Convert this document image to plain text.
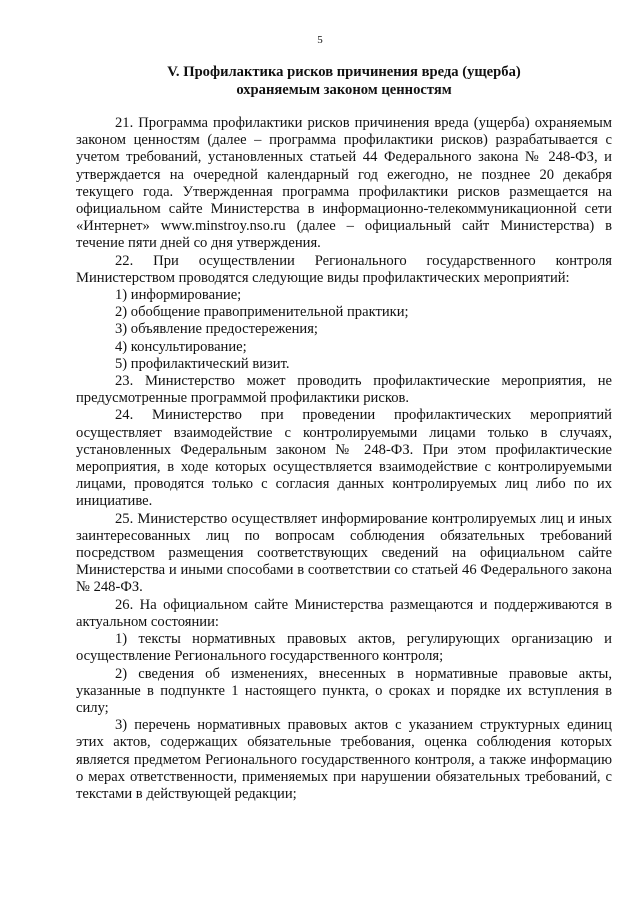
5
V. Профилактика рисков причинения вреда (ущерба)
охраняемым законом ценностям

21. Программа профилактики рисков причинения вреда (ущерба) охраняемым законом ценностям (далее – программа профилактики рисков) разрабатывается с учетом требований, установленных статьей 44 Федерального закона № 248-ФЗ, и утверждается на очередной календарный год ежегодно, не позднее 20 декабря текущего года. Утвержденная программа профилактики рисков размещается на официальном сайте Министерства в информационно-телекоммуникационной сети «Интернет» www.minstroy.nso.ru (далее – официальный сайт Министерства) в течение пяти дней со дня утверждения.

22. При осуществлении Регионального государственного контроля Министерством проводятся следующие виды профилактических мероприятий:

1) информирование;

2) обобщение правоприменительной практики;

3) объявление предостережения;

4) консультирование;

5) профилактический визит.

23. Министерство может проводить профилактические мероприятия, не предусмотренные программой профилактики рисков.

24. Министерство при проведении профилактических мероприятий осуществляет взаимодействие с контролируемыми лицами только в случаях, установленных Федеральным законом № 248-ФЗ. При этом профилактические мероприятия, в ходе которых осуществляется взаимодействие с контролируемыми лицами, проводятся только с согласия данных контролируемых лиц либо по их инициативе.

25. Министерство осуществляет информирование контролируемых лиц и иных заинтересованных лиц по вопросам соблюдения обязательных требований посредством размещения соответствующих сведений на официальном сайте Министерства и иными способами в соответствии со статьей 46 Федерального закона № 248-ФЗ.

26. На официальном сайте Министерства размещаются и поддерживаются в актуальном состоянии:

1) тексты нормативных правовых актов, регулирующих организацию и осуществление Регионального государственного контроля;

2) сведения об изменениях, внесенных в нормативные правовые акты, указанные в подпункте 1 настоящего пункта, о сроках и порядке их вступления в силу;

3) перечень нормативных правовых актов с указанием структурных единиц этих актов, содержащих обязательные требования, оценка соблюдения которых является предметом Регионального государственного контроля, а также информацию о мерах ответственности, применяемых при нарушении обязательных требований, с текстами в действующей редакции;
